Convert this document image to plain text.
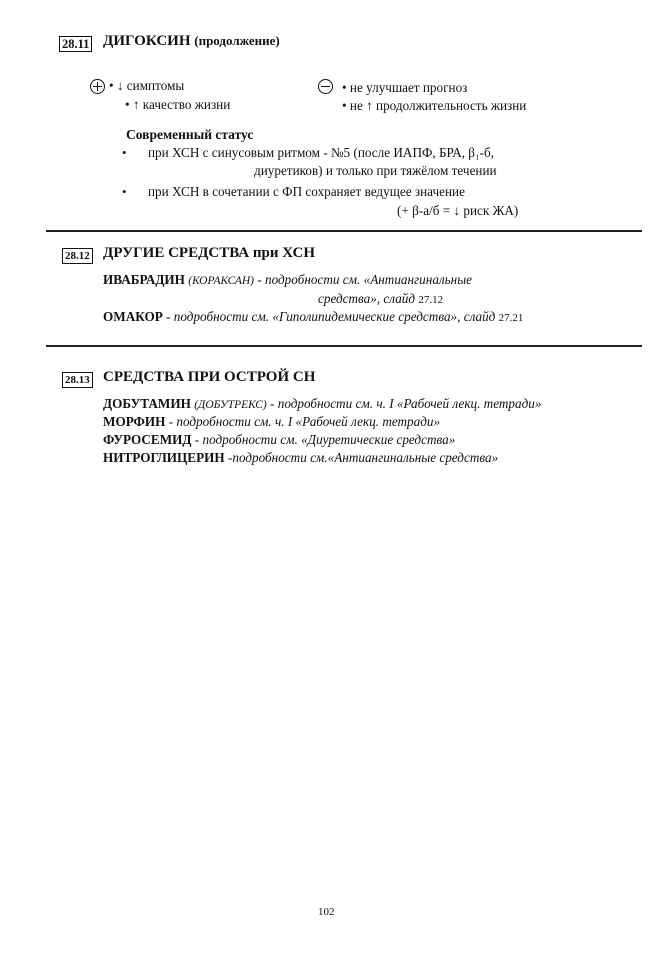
28.11 ДИГОКСИН (продолжение)
• ↓ симптомы
• ↑ качество жизни
• не улучшает прогноз
• не ↑ продолжительность жизни
Современный статус
• при ХСН с синусовым ритмом - №5 (после ИАПФ, БРА, β₁-б,
диуретиков) и только при тяжёлом течении
• при ХСН в сочетании с ФП сохраняет ведущее значение
(+ β-а/б = ↓ риск ЖА)
28.12 ДРУГИЕ СРЕДСТВА при ХСН
ИВАБРАДИН (КОРАКСАН) - подробности см. «Антиангинальные
средства», слайд 27.12
ОМАКОР - подробности см. «Гиполипидемические средства», слайд 27.21
28.13 СРЕДСТВА ПРИ ОСТРОЙ СН
ДОБУТАМИН (ДОБУТРЕКС) - подробности см. ч. I «Рабочей лекц. тетради»
МОРФИН - подробности см. ч. I «Рабочей лекц. тетради»
ФУРОСЕМИД - подробности см. «Диуретические средства»
НИТРОГЛИЦЕРИН -подробности см.«Антиангинальные средства»
102
